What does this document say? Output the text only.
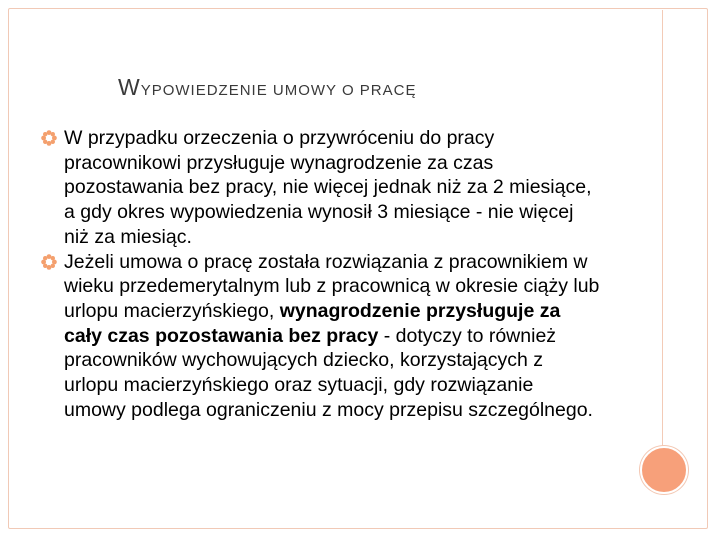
WYPOWIEDZENIE UMOWY O PRACĘ
W przypadku orzeczenia o przywróceniu do pracy pracownikowi przysługuje wynagrodzenie za czas pozostawania bez pracy, nie więcej jednak niż za 2 miesiące, a gdy okres wypowiedzenia wynosił 3 miesiące - nie więcej niż za miesiąc.
Jeżeli umowa o pracę została rozwiązania z pracownikiem w wieku przedemerytalnym lub z pracownicą w okresie ciąży lub urlopu macierzyńskiego, wynagrodzenie przysługuje za cały czas pozostawania bez pracy - dotyczy to również pracowników wychowujących dziecko, korzystających z urlopu macierzyńskiego oraz sytuacji, gdy rozwiązanie umowy podlega ograniczeniu z mocy przepisu szczególnego.
